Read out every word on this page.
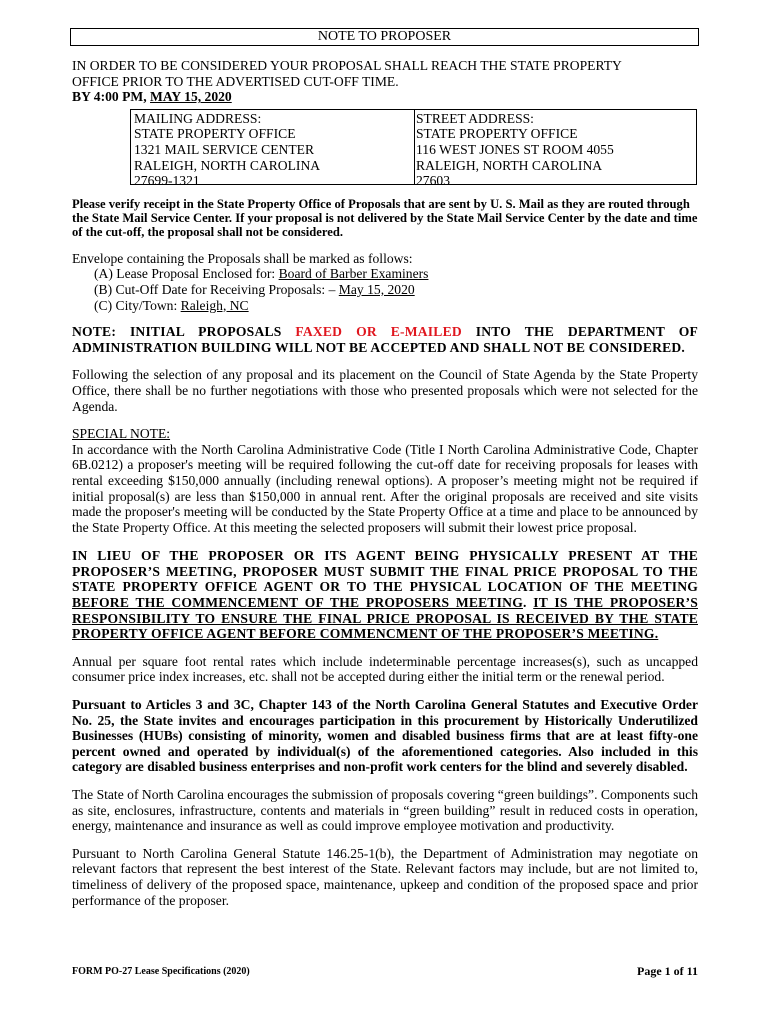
NOTE TO PROPOSER
IN ORDER TO BE CONSIDERED YOUR PROPOSAL SHALL REACH THE STATE PROPERTY
OFFICE PRIOR TO THE ADVERTISED CUT-OFF TIME.
BY 4:00 PM, MAY 15, 2020
MAILING ADDRESS:
STATE PROPERTY OFFICE
1321 MAIL SERVICE CENTER
RALEIGH, NORTH CAROLINA
27699-1321
STREET ADDRESS:
STATE PROPERTY OFFICE
116 WEST JONES ST ROOM 4055
RALEIGH, NORTH CAROLINA
27603
Please verify receipt in the State Property Office of Proposals that are sent by U. S. Mail as they are routed through the State Mail Service Center. If your proposal is not delivered by the State Mail Service Center by the date and time of the cut-off, the proposal shall not be considered.
Envelope containing the Proposals shall be marked as follows:
(A) Lease Proposal Enclosed for: Board of Barber Examiners
(B) Cut-Off Date for Receiving Proposals: – May 15, 2020
(C) City/Town: Raleigh, NC
NOTE: INITIAL PROPOSALS FAXED OR E-MAILED INTO THE DEPARTMENT OF ADMINISTRATION BUILDING WILL NOT BE ACCEPTED AND SHALL NOT BE CONSIDERED.
Following the selection of any proposal and its placement on the Council of State Agenda by the State Property Office, there shall be no further negotiations with those who presented proposals which were not selected for the Agenda.
SPECIAL NOTE:
In accordance with the North Carolina Administrative Code (Title I North Carolina Administrative Code, Chapter 6B.0212) a proposer's meeting will be required following the cut-off date for receiving proposals for leases with rental exceeding $150,000 annually (including renewal options). A proposer’s meeting might not be required if initial proposal(s) are less than $150,000 in annual rent. After the original proposals are received and site visits made the proposer's meeting will be conducted by the State Property Office at a time and place to be announced by the State Property Office. At this meeting the selected proposers will submit their lowest price proposal.
IN LIEU OF THE PROPOSER OR ITS AGENT BEING PHYSICALLY PRESENT AT THE PROPOSER’S MEETING, PROPOSER MUST SUBMIT THE FINAL PRICE PROPOSAL TO THE STATE PROPERTY OFFICE AGENT OR TO THE PHYSICAL LOCATION OF THE MEETING BEFORE THE COMMENCEMENT OF THE PROPOSERS MEETING. IT IS THE PROPOSER’S RESPONSIBILITY TO ENSURE THE FINAL PRICE PROPOSAL IS RECEIVED BY THE STATE PROPERTY OFFICE AGENT BEFORE COMMENCMENT OF THE PROPOSER’S MEETING.
Annual per square foot rental rates which include indeterminable percentage increases(s), such as uncapped consumer price index increases, etc. shall not be accepted during either the initial term or the renewal period.
Pursuant to Articles 3 and 3C, Chapter 143 of the North Carolina General Statutes and Executive Order No. 25, the State invites and encourages participation in this procurement by Historically Underutilized Businesses (HUBs) consisting of minority, women and disabled business firms that are at least fifty-one percent owned and operated by individual(s) of the aforementioned categories. Also included in this category are disabled business enterprises and non-profit work centers for the blind and severely disabled.
The State of North Carolina encourages the submission of proposals covering “green buildings”. Components such as site, enclosures, infrastructure, contents and materials in “green building” result in reduced costs in operation, energy, maintenance and insurance as well as could improve employee motivation and productivity.
Pursuant to North Carolina General Statute 146.25-1(b), the Department of Administration may negotiate on relevant factors that represent the best interest of the State. Relevant factors may include, but are not limited to, timeliness of delivery of the proposed space, maintenance, upkeep and condition of the proposed space and prior performance of the proposer.
FORM PO-27 Lease Specifications (2020)	Page 1 of 11
